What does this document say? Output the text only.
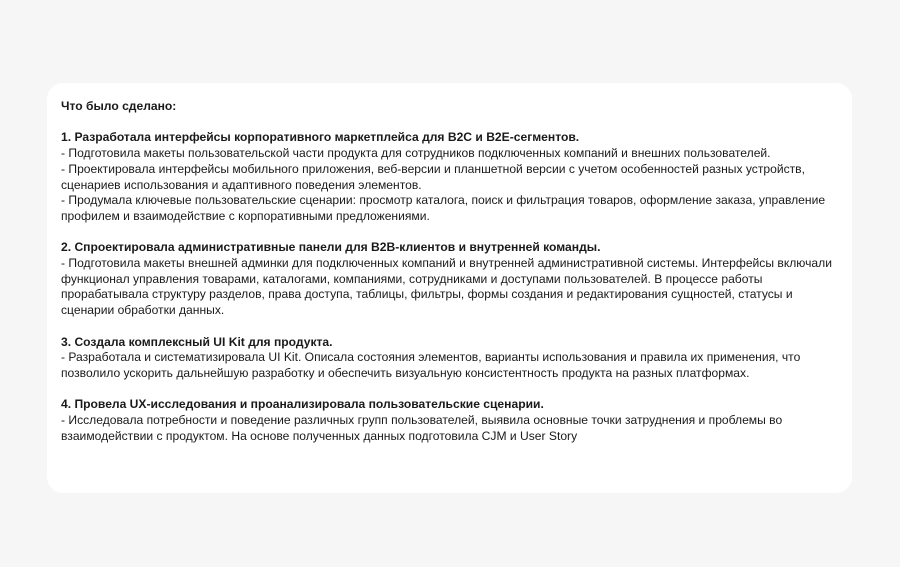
Что было сделано:

1. Разработала интерфейсы корпоративного маркетплейса для B2C и B2E-сегментов.

- Подготовила макеты пользовательской части продукта для сотрудников подключенных компаний и внешних пользователей.

- Проектировала интерфейсы мобильного приложения, веб-версии и планшетной версии с учетом особенностей разных устройств, сценариев использования и адаптивного поведения элементов.

- Продумала ключевые пользовательские сценарии: просмотр каталога, поиск и фильтрация товаров, оформление заказа, управление профилем и взаимодействие с корпоративными предложениями.

2. Спроектировала административные панели для B2B-клиентов и внутренней команды.

- Подготовила макеты внешней админки для подключенных компаний и внутренней административной системы. Интерфейсы включали функционал управления товарами, каталогами, компаниями, сотрудниками и доступами пользователей. В процессе работы прорабатывала структуру разделов, права доступа, таблицы, фильтры, формы создания и редактирования сущностей, статусы и сценарии обработки данных.

3. Создала комплексный UI Kit для продукта.

- Разработала и систематизировала UI Kit. Описала состояния элементов, варианты использования и правила их применения, что позволило ускорить дальнейшую разработку и обеспечить визуальную консистентность продукта на разных платформах.

4. Провела UX-исследования и проанализировала пользовательские сценарии.

- Исследовала потребности и поведение различных групп пользователей, выявила основные точки затруднения и проблемы во взаимодействии с продуктом. На основе полученных данных подготовила CJM и User Story
